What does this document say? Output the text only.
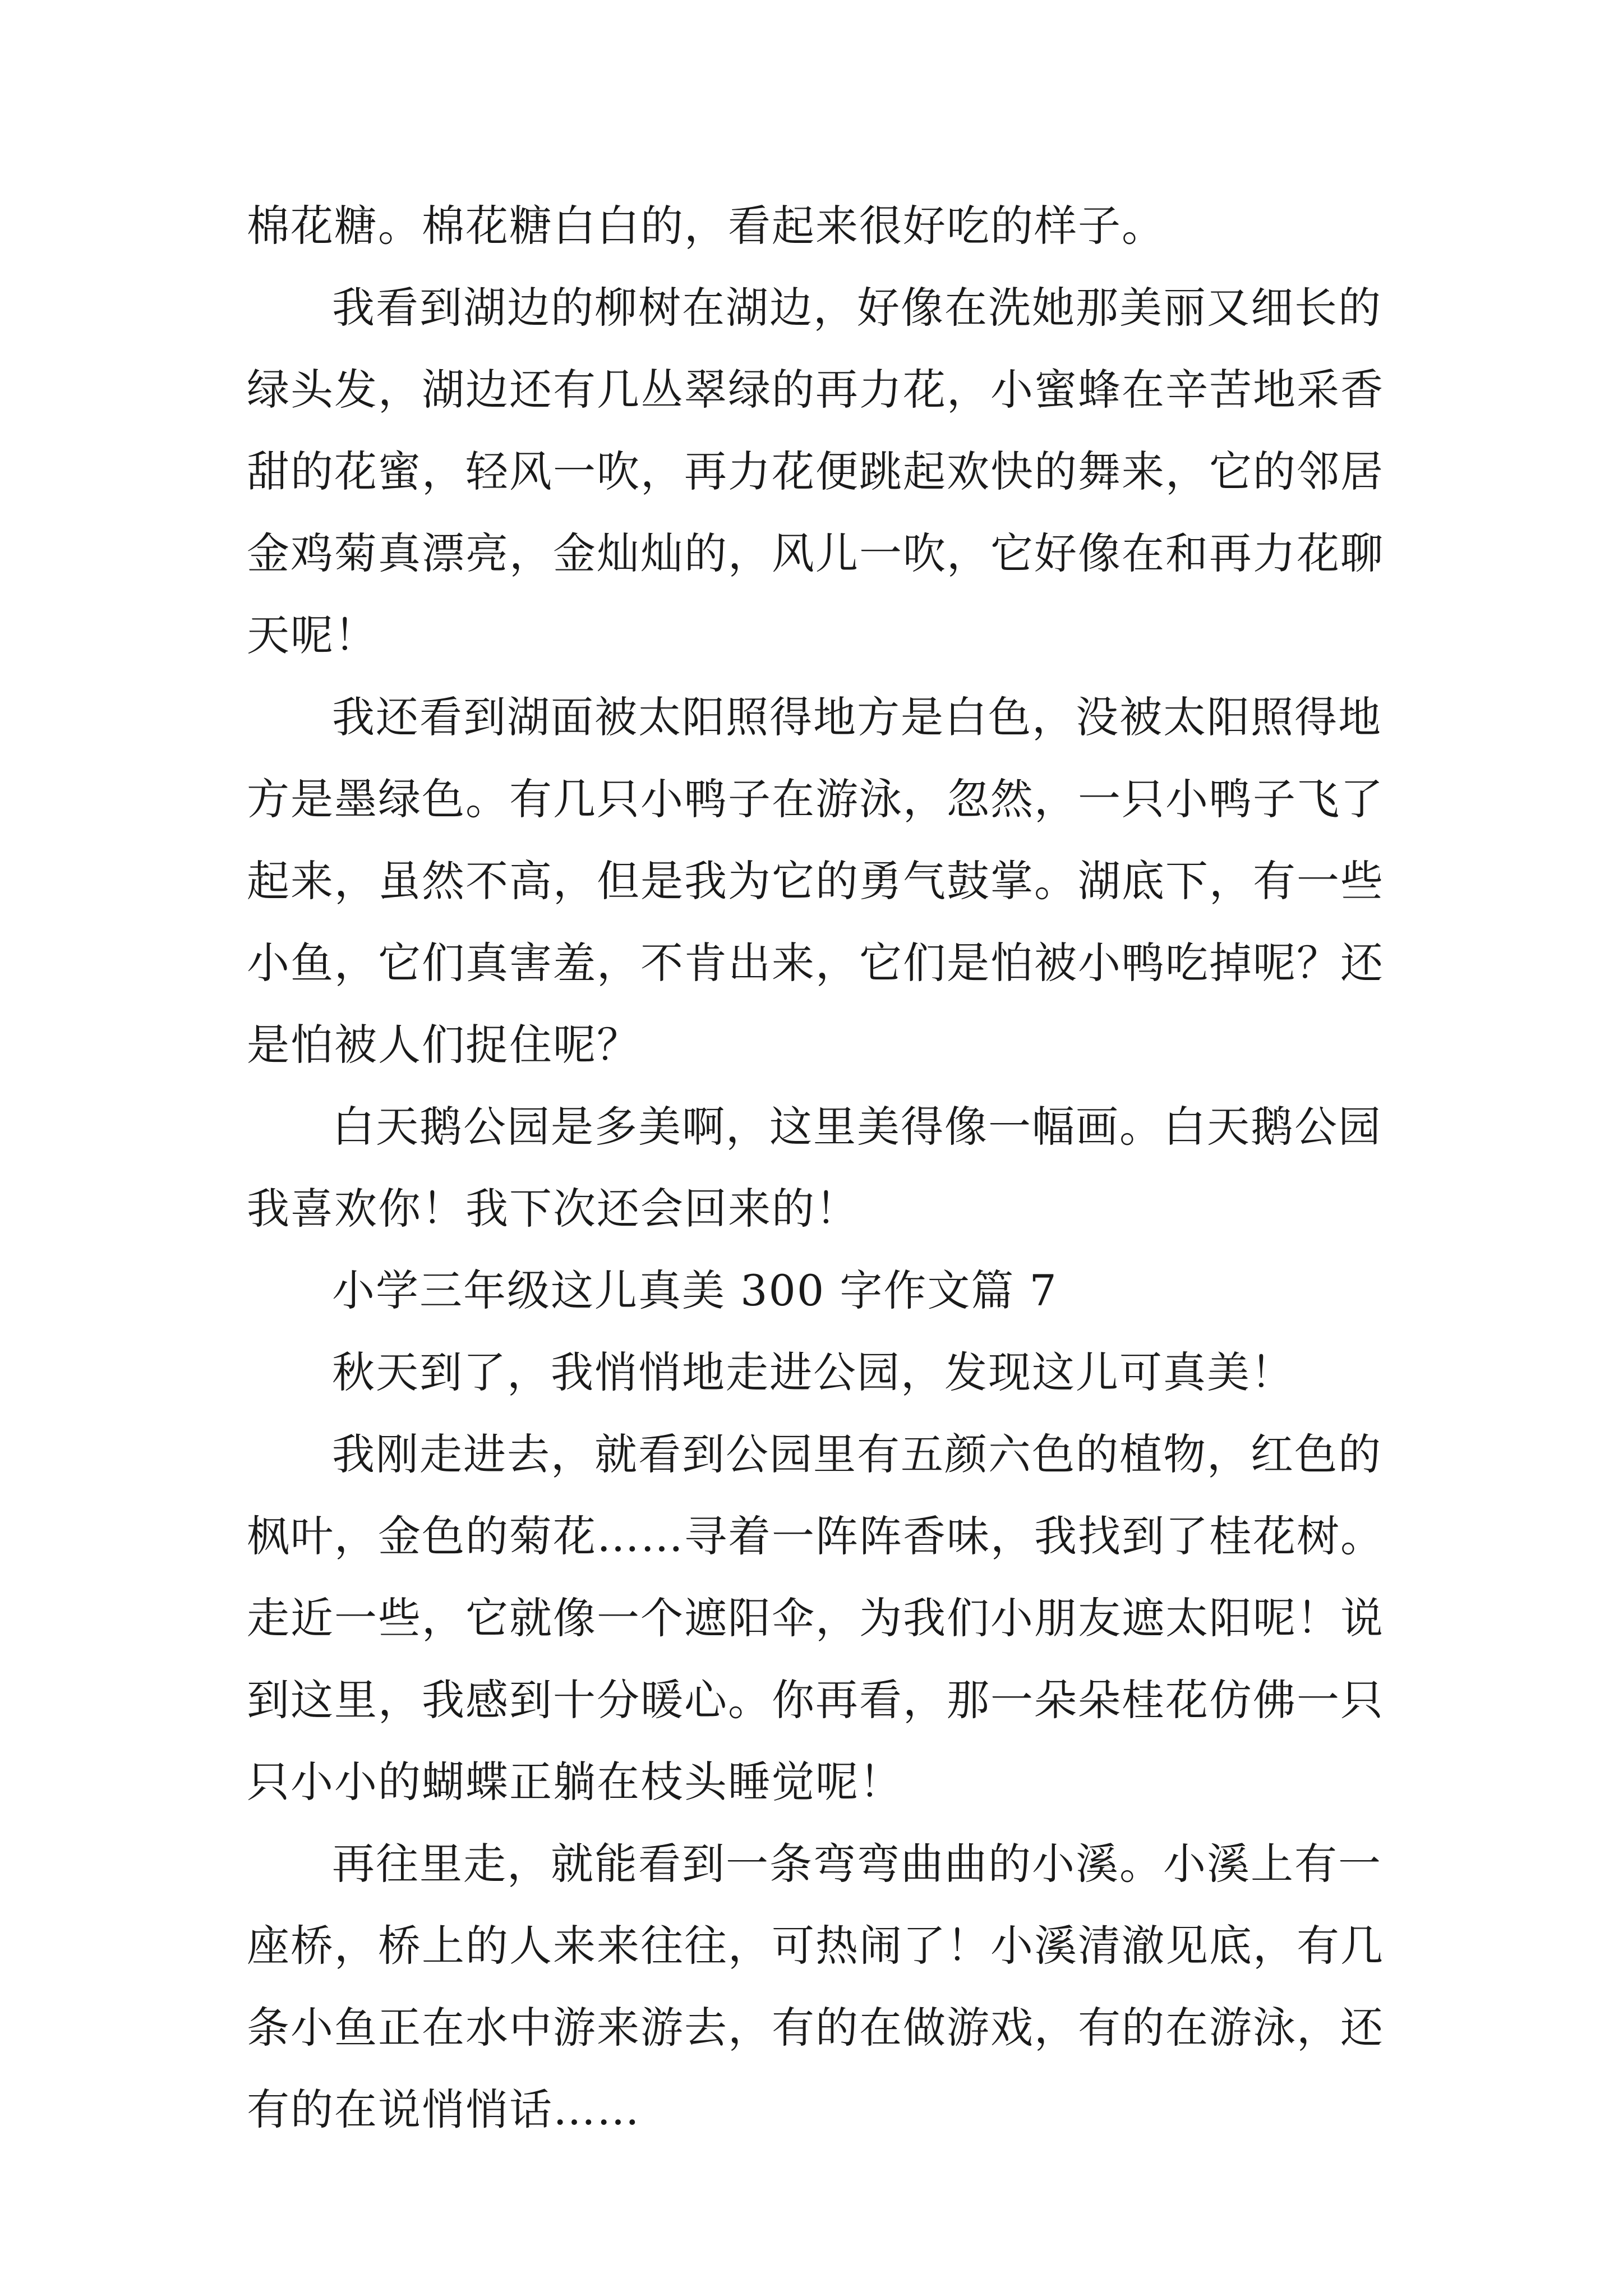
棉花糖。棉花糖白白的，看起来很好吃的样子。
我看到湖边的柳树在湖边，好像在洗她那美丽又细长的
绿头发，湖边还有几丛翠绿的再力花，小蜜蜂在辛苦地采香
甜的花蜜，轻风一吹，再力花便跳起欢快的舞来，它的邻居
金鸡菊真漂亮，金灿灿的，风儿一吹，它好像在和再力花聊
天呢！
我还看到湖面被太阳照得地方是白色，没被太阳照得地
方是墨绿色。有几只小鸭子在游泳，忽然，一只小鸭子飞了
起来，虽然不高，但是我为它的勇气鼓掌。湖底下，有一些
小鱼，它们真害羞，不肯出来，它们是怕被小鸭吃掉呢？还
是怕被人们捉住呢？
白天鹅公园是多美啊，这里美得像一幅画。白天鹅公园
我喜欢你！我下次还会回来的！
小学三年级这儿真美 300 字作文篇 7
秋天到了，我悄悄地走进公园，发现这儿可真美！
我刚走进去，就看到公园里有五颜六色的植物，红色的
枫叶，金色的菊花……寻着一阵阵香味，我找到了桂花树。
走近一些，它就像一个遮阳伞，为我们小朋友遮太阳呢！说
到这里，我感到十分暖心。你再看，那一朵朵桂花仿佛一只
只小小的蝴蝶正躺在枝头睡觉呢！
再往里走，就能看到一条弯弯曲曲的小溪。小溪上有一
座桥，桥上的人来来往往，可热闹了！小溪清澈见底，有几
条小鱼正在水中游来游去，有的在做游戏，有的在游泳，还
有的在说悄悄话……
